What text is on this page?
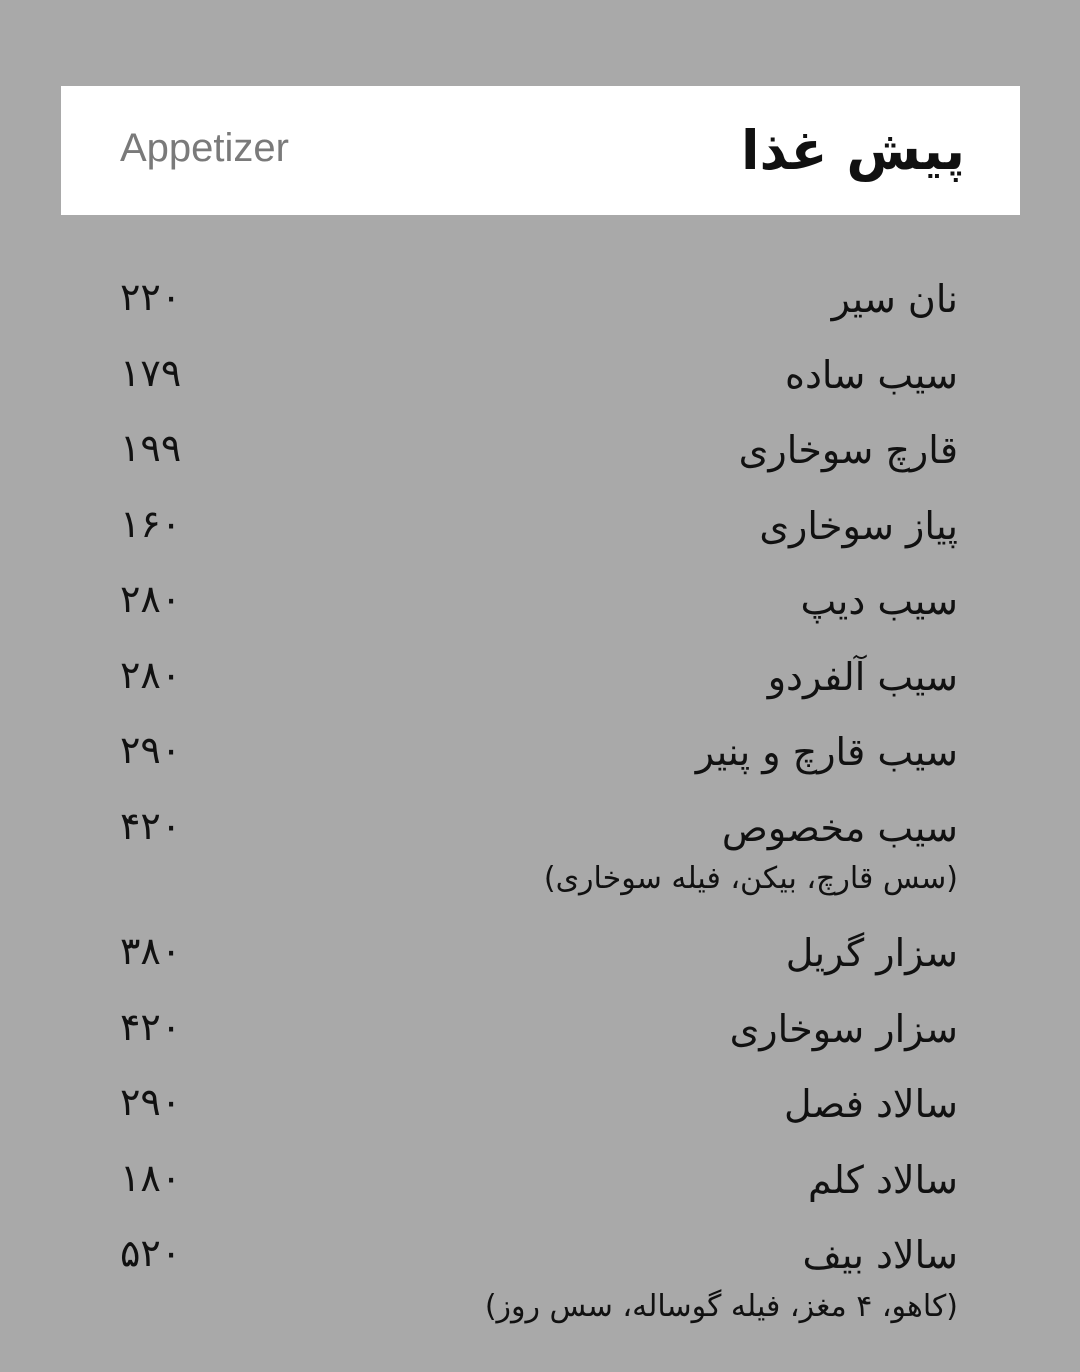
پیش غذا
Appetizer
نان سیر
۲۲۰
سیب ساده
۱۷۹
قارچ سوخاری
۱۹۹
پیاز سوخاری
۱۶۰
سیب دیپ
۲۸۰
سیب آلفردو
۲۸۰
سیب قارچ و پنیر
۲۹۰
سیب مخصوص
۴۲۰
(سس قارچ، بیکن، فیله سوخاری)
سزار گریل
۳۸۰
سزار سوخاری
۴۲۰
سالاد فصل
۲۹۰
سالاد کلم
۱۸۰
سالاد بیف
۵۲۰
(کاهو، ۴ مغز، فیله گوساله، سس روز)
